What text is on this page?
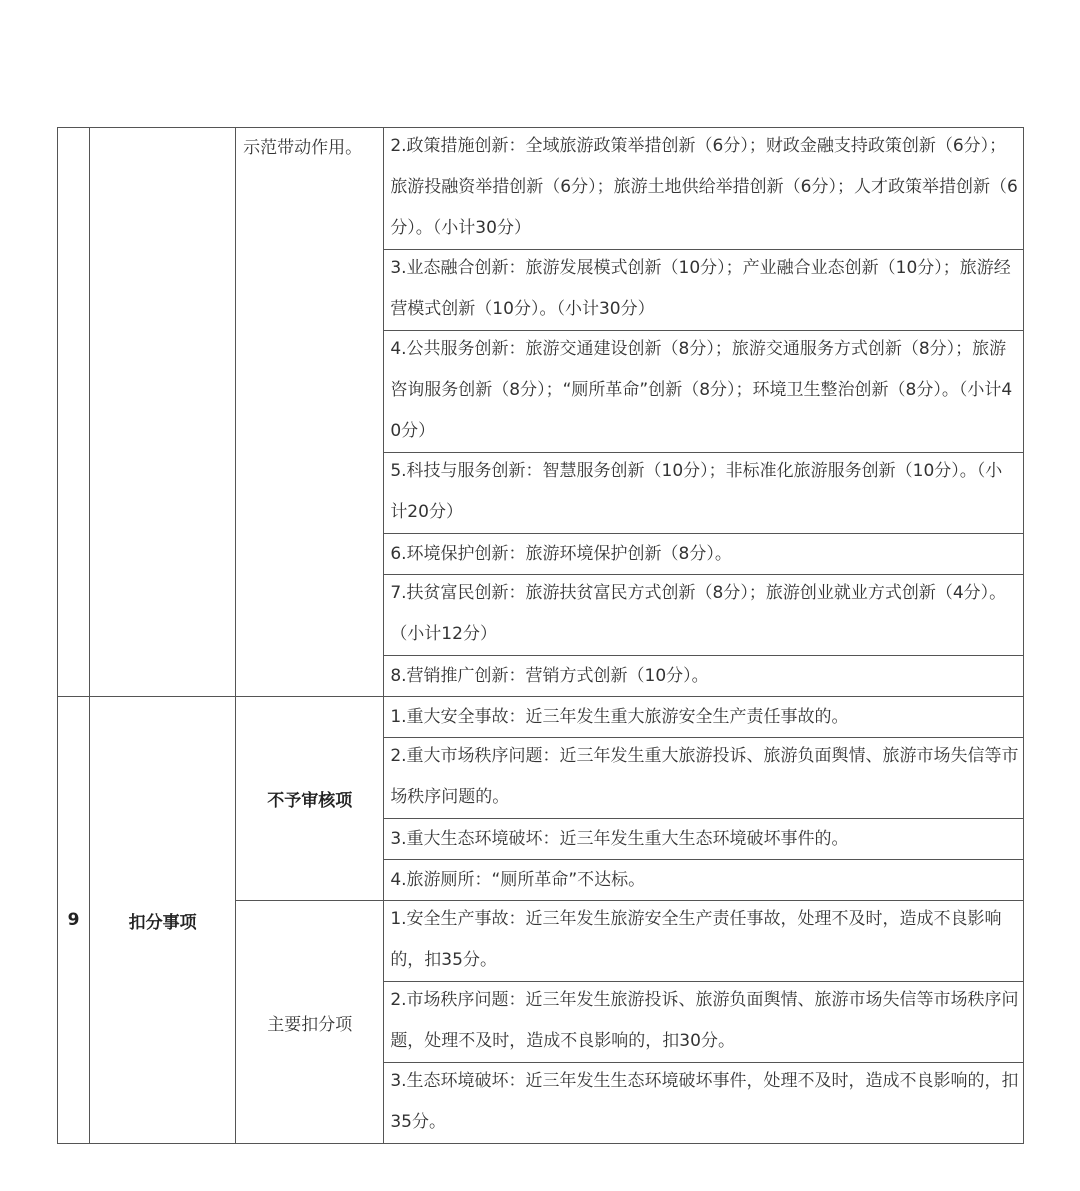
		示范带动作用。	2.政策措施创新：全域旅游政策举措创新（6分）；财政金融支持政策创新（6分）；旅游投融资举措创新（6分）；旅游土地供给举措创新（6分）；人才政策举措创新（6分）。（小计30分）

			3.业态融合创新：旅游发展模式创新（10分）；产业融合业态创新（10分）；旅游经营模式创新（10分）。（小计30分）

			4.公共服务创新：旅游交通建设创新（8分）；旅游交通服务方式创新（8分）；旅游咨询服务创新（8分）；“厕所革命”创新（8分）；环境卫生整治创新（8分）。（小计40分）

			5.科技与服务创新：智慧服务创新（10分）；非标准化旅游服务创新（10分）。（小计20分）

			6.环境保护创新：旅游环境保护创新（8分）。

			7.扶贫富民创新：旅游扶贫富民方式创新（8分）；旅游创业就业方式创新（4分）。（小计12分）

			8.营销推广创新：营销方式创新（10分）。
9	扣分事项	不予审核项	1.重大安全事故：近三年发生重大旅游安全生产责任事故的。

			2.重大市场秩序问题：近三年发生重大旅游投诉、旅游负面舆情、旅游市场失信等市场秩序问题的。

			3.重大生态环境破坏：近三年发生重大生态环境破坏事件的。
			4.旅游厕所：“厕所革命”不达标。
		主要扣分项	1.安全生产事故：近三年发生旅游安全生产责任事故，处理不及时，造成不良影响的，扣35分。

			2.市场秩序问题：近三年发生旅游投诉、旅游负面舆情、旅游市场失信等市场秩序问题，处理不及时，造成不良影响的，扣30分。

			3.生态环境破坏：近三年发生生态环境破坏事件，处理不及时，造成不良影响的，扣35分。
